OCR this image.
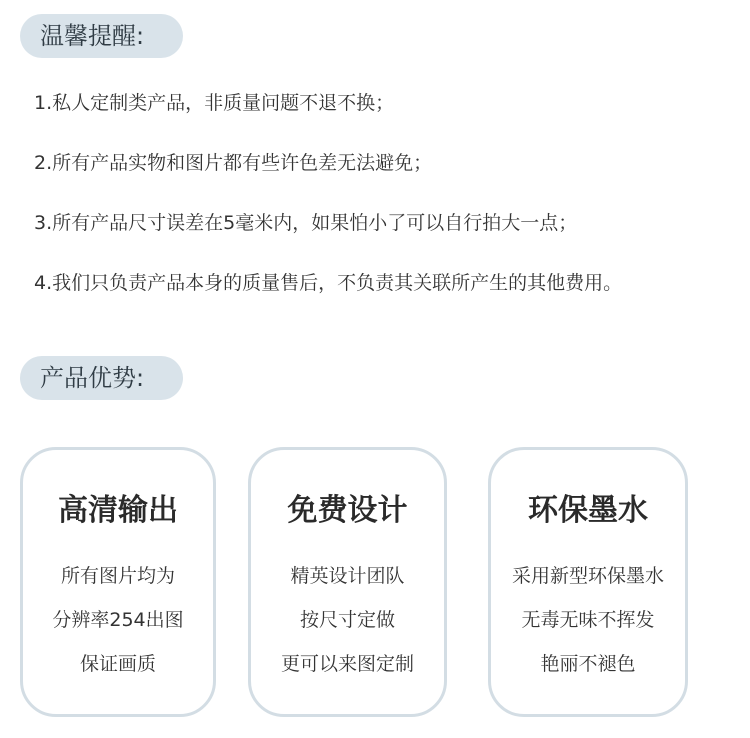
温馨提醒:
1.私人定制类产品，非质量问题不退不换；
2.所有产品实物和图片都有些许色差无法避免；
3.所有产品尺寸误差在5毫米内，如果怕小了可以自行拍大一点；
4.我们只负责产品本身的质量售后，不负责其关联所产生的其他费用。
产品优势:
高清输出
所有图片均为
分辨率254出图
保证画质
免费设计
精英设计团队
按尺寸定做
更可以来图定制
环保墨水
采用新型环保墨水
无毒无味不挥发
艳丽不褪色
